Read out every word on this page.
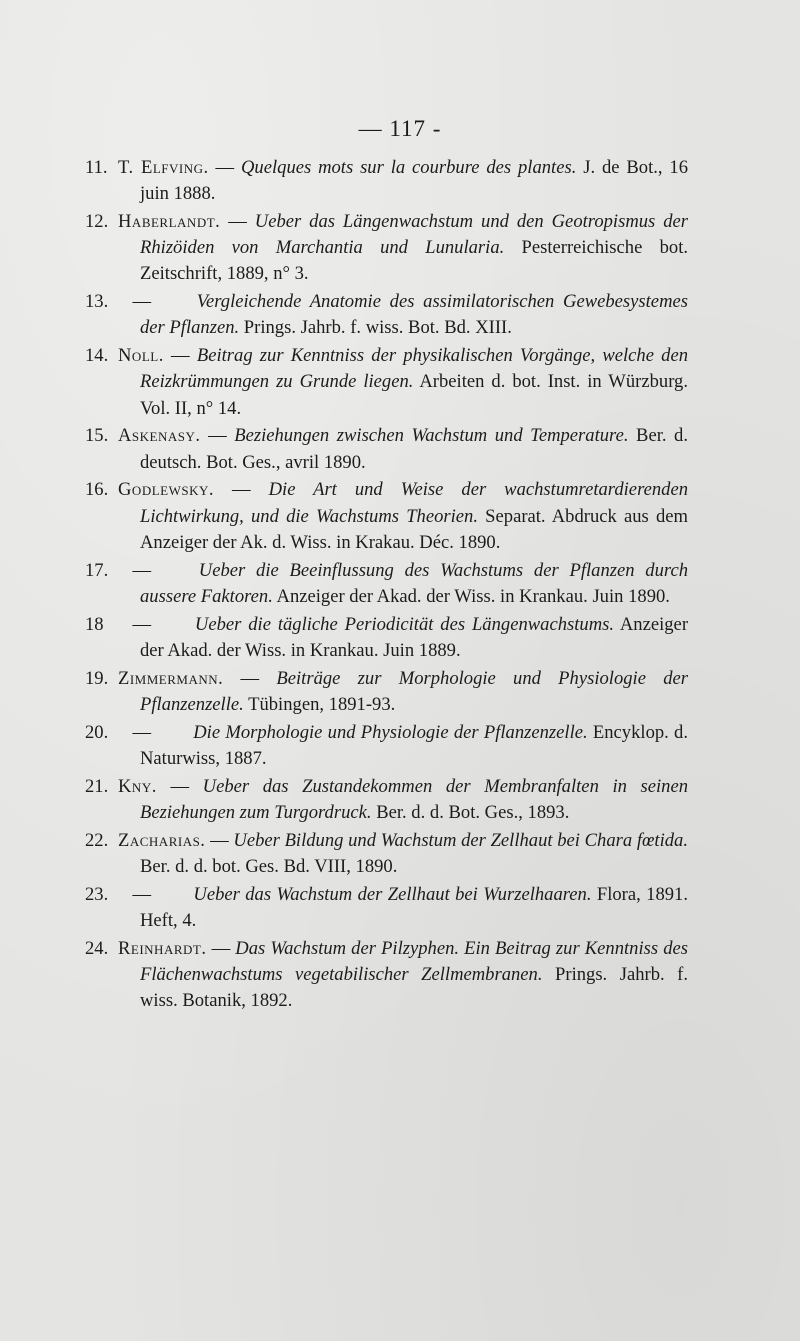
— 117 -
11. T. Elfving. — Quelques mots sur la courbure des plantes. J. de Bot., 16 juin 1888.
12. Haberlandt. — Ueber das Längenwachstum und den Geotropismus der Rhizöiden von Marchantia und Lunularia. Pesterreichische bot. Zeitschrift, 1889, n° 3.
13.	— Vergleichende Anatomie des assimilatorischen Gewebesystemes der Pflanzen. Prings. Jahrb. f. wiss. Bot. Bd. XIII.
14. Noll. — Beitrag zur Kenntniss der physikalischen Vorgänge, welche den Reizkrümmungen zu Grunde liegen. Arbeiten d. bot. Inst. in Würzburg. Vol. II, n° 14.
15. Askenasy. — Beziehungen zwischen Wachstum und Temperature. Ber. d. deutsch. Bot. Ges., avril 1890.
16. Godlewsky. — Die Art und Weise der wachstumretardierenden Lichtwirkung, und die Wachstums Theorien. Separat. Abdruck aus dem Anzeiger der Ak. d. Wiss. in Krakau. Déc. 1890.
17.	—	Ueber die Beeinflussung des Wachstums der Pflanzen durch aussere Faktoren. Anzeiger der Akad. der Wiss. in Krankau. Juin 1890.
18	— Ueber die tägliche Periodicität des Längenwachstums. Anzeiger der Akad. der Wiss. in Krankau. Juin 1889.
19. Zimmermann. — Beiträge zur Morphologie und Physiologie der Pflanzenzelle. Tübingen, 1891-93.
20.	— Die Morphologie und Physiologie der Pflanzenzelle. Encyklop. d. Naturwiss, 1887.
21. Kny. — Ueber das Zustandekommen der Membranfalten in seinen Beziehungen zum Turgordruck. Ber. d. d. Bot. Ges., 1893.
22. Zacharias. — Ueber Bildung und Wachstum der Zellhaut bei Chara fœtida. Ber. d. d. bot. Ges. Bd. VIII, 1890.
23.	— Ueber das Wachstum der Zellhaut bei Wurzelhaaren. Flora, 1891. Heft, 4.
24. Reinhardt. — Das Wachstum der Pilzyphen. Ein Beitrag zur Kenntniss des Flächenwachstums vegetabilischer Zellmembranen. Prings. Jahrb. f. wiss. Botanik, 1892.
